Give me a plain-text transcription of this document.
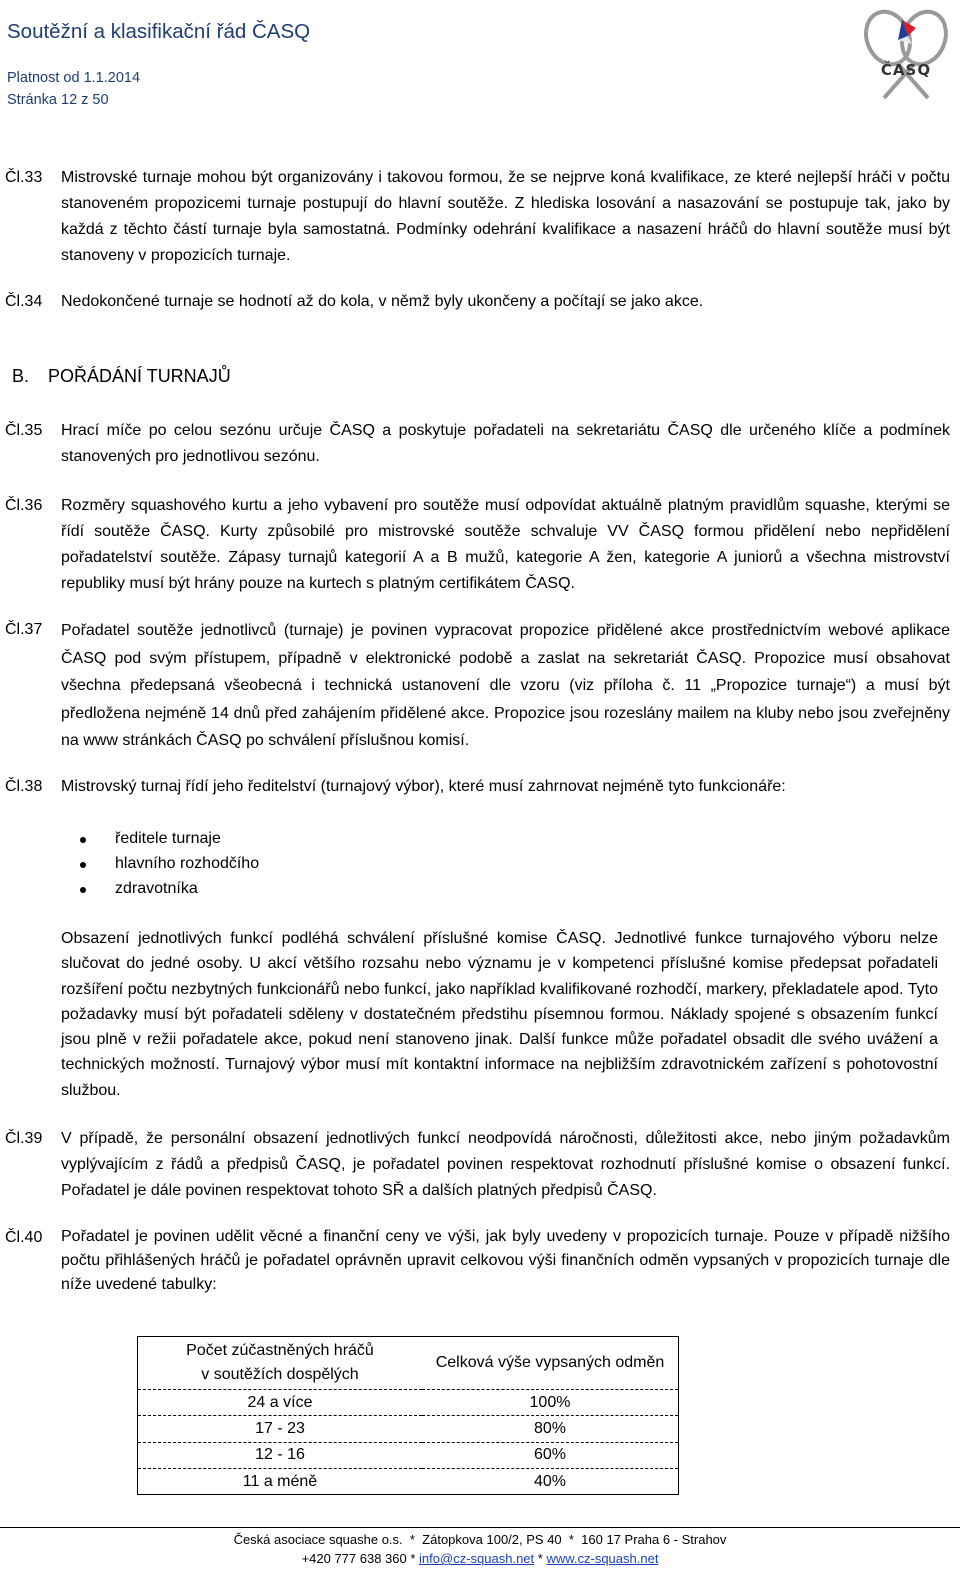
Soutěžní a klasifikační řád ČASQ
Platnost od 1.1.2014
Stránka 12 z 50
ČASQ
Čl.33 Mistrovské turnaje mohou být organizovány i takovou formou, že se nejprve koná kvalifikace, ze které nejlepší hráči v počtu stanoveném propozicemi turnaje postupují do hlavní soutěže. Z hlediska losování a nasazování se postupuje tak, jako by každá z těchto částí turnaje byla samostatná. Podmínky odehrání kvalifikace a nasazení hráčů do hlavní soutěže musí být stanoveny v propozicích turnaje.
Čl.34 Nedokončené turnaje se hodnotí až do kola, v němž byly ukončeny a počítají se jako akce.
B. POŘÁDÁNÍ TURNAJŮ
Čl.35 Hrací míče po celou sezónu určuje ČASQ a poskytuje pořadateli na sekretariátu ČASQ dle určeného klíče a podmínek stanovených pro jednotlivou sezónu.
Čl.36 Rozměry squashového kurtu a jeho vybavení pro soutěže musí odpovídat aktuálně platným pravidlům squashe, kterými se řídí soutěže ČASQ. Kurty způsobilé pro mistrovské soutěže schvaluje VV ČASQ formou přidělení nebo nepřidělení pořadatelství soutěže. Zápasy turnajů kategorií A a B mužů, kategorie A žen, kategorie A juniorů a všechna mistrovství republiky musí být hrány pouze na kurtech s platným certifikátem ČASQ.
Čl.37 Pořadatel soutěže jednotlivců (turnaje) je povinen vypracovat propozice přidělené akce prostřednictvím webové aplikace ČASQ pod svým přístupem, případně v elektronické podobě a zaslat na sekretariát ČASQ. Propozice musí obsahovat všechna předepsaná všeobecná i technická ustanovení dle vzoru (viz příloha č. 11 „Propozice turnaje“) a musí být předložena nejméně 14 dnů před zahájením přidělené akce. Propozice jsou rozeslány mailem na kluby nebo jsou zveřejněny na www stránkách ČASQ po schválení příslušnou komisí.
Čl.38 Mistrovský turnaj řídí jeho ředitelství (turnajový výbor), které musí zahrnovat nejméně tyto funkcionáře:
ředitele turnaje
hlavního rozhodčího
zdravotníka
Obsazení jednotlivých funkcí podléhá schválení příslušné komise ČASQ. Jednotlivé funkce turnajového výboru nelze slučovat do jedné osoby. U akcí většího rozsahu nebo významu je v kompetenci příslušné komise předepsat pořadateli rozšíření počtu nezbytných funkcionářů nebo funkcí, jako například kvalifikované rozhodčí, markery, překladatele apod. Tyto požadavky musí být pořadateli sděleny v dostatečném předstihu písemnou formou. Náklady spojené s obsazením funkcí jsou plně v režii pořadatele akce, pokud není stanoveno jinak. Další funkce může pořadatel obsadit dle svého uvážení a technických možností. Turnajový výbor musí mít kontaktní informace na nejbližším zdravotnickém zařízení s pohotovostní službou.
Čl.39 V případě, že personální obsazení jednotlivých funkcí neodpovídá náročnosti, důležitosti akce, nebo jiným požadavkům vyplývajícím z řádů a předpisů ČASQ, je pořadatel povinen respektovat rozhodnutí příslušné komise o obsazení funkcí. Pořadatel je dále povinen respektovat tohoto SŘ a dalších platných předpisů ČASQ.
Čl.40 Pořadatel je povinen udělit věcné a finanční ceny ve výši, jak byly uvedeny v propozicích turnaje. Pouze v případě nižšího počtu přihlášených hráčů je pořadatel oprávněn upravit celkovou výši finančních odměn vypsaných v propozicích turnaje dle níže uvedené tabulky:
Počet zúčastněných hráčů
v soutěžích dospělých	Celková výše vypsaných odměn
24 a více	100%
17 - 23	80%
12 - 16	60%
11 a méně	40%
Česká asociace squashe o.s.  *  Zátopkova 100/2, PS 40  *  160 17 Praha 6 - Strahov
+420 777 638 360 * info@cz-squash.net * www.cz-squash.net
